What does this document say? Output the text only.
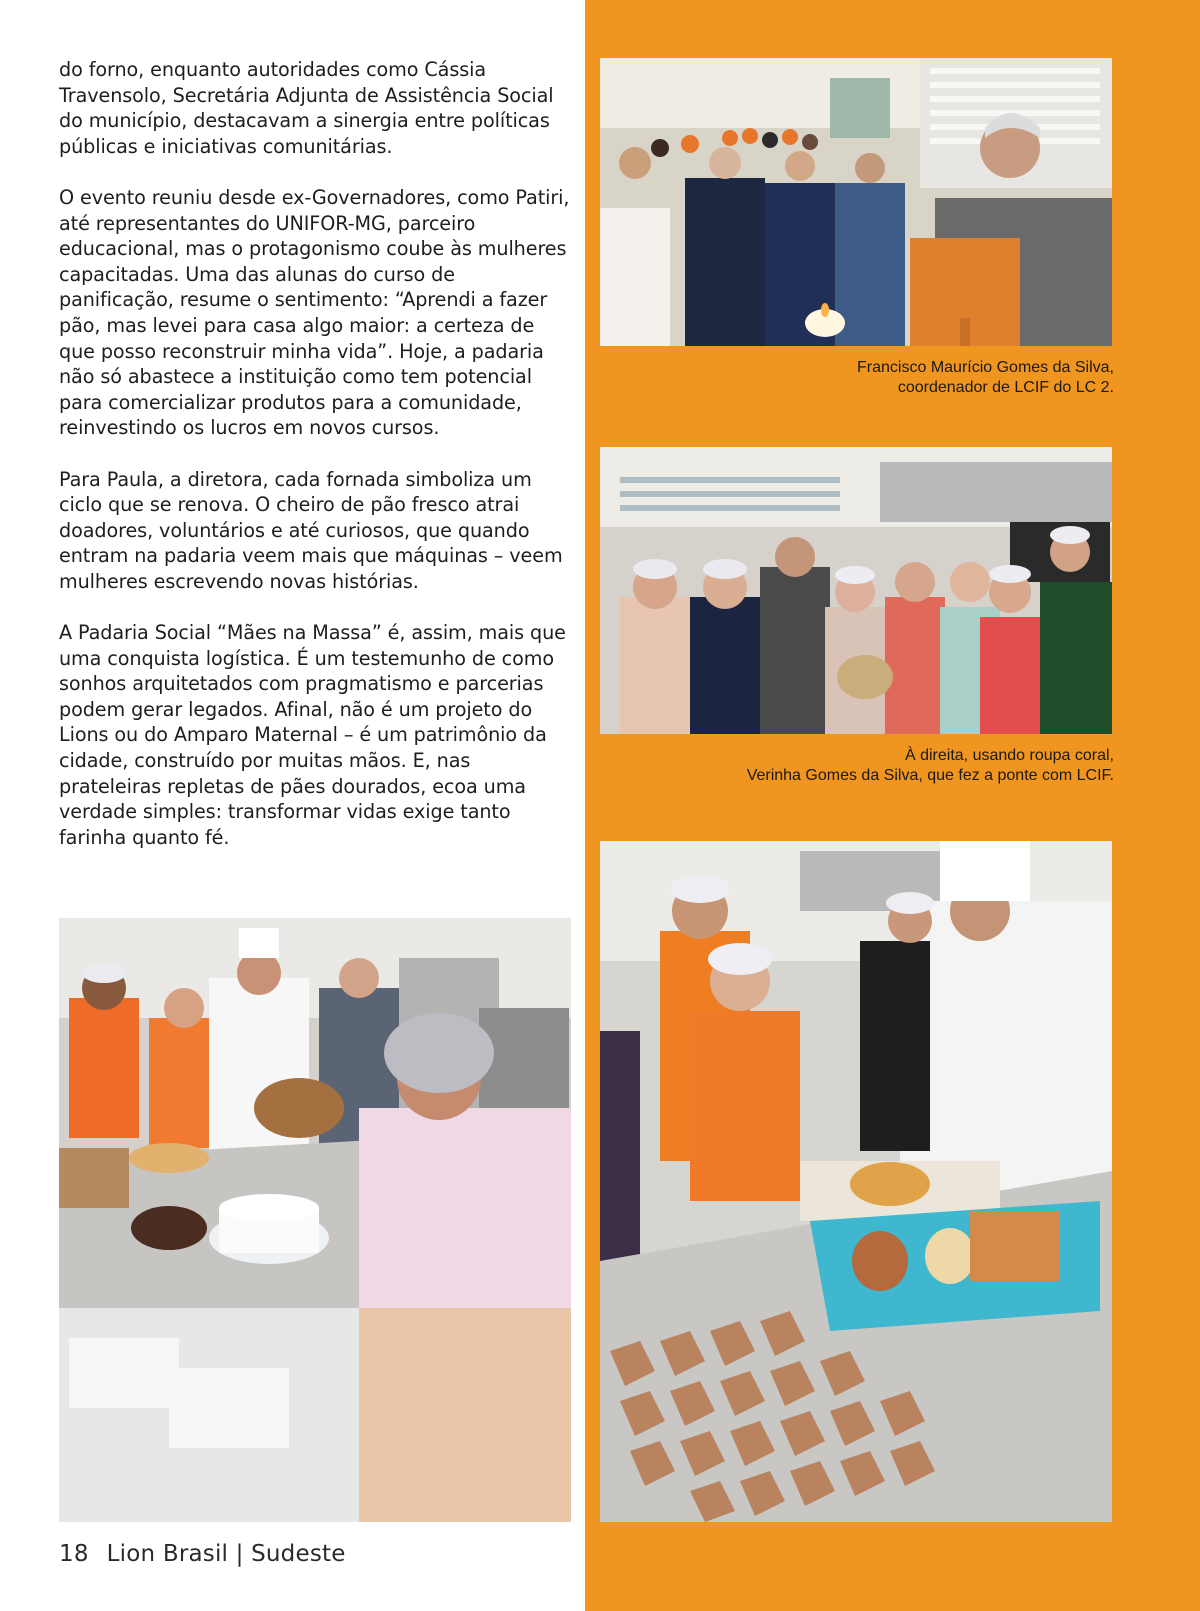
do forno, enquanto autoridades como Cássia Travensolo, Secretária Adjunta de Assistência Social do município, destacavam a sinergia entre políticas públicas e iniciativas comunitárias.

O evento reuniu desde ex-Governadores, como Patiri, até representantes do UNIFOR-MG, parceiro educacional, mas o protagonismo coube às mulheres capacitadas. Uma das alunas do curso de panificação, resume o sentimento: “Aprendi a fazer pão, mas levei para casa algo maior: a certeza de que posso reconstruir minha vida”. Hoje, a padaria não só abastece a instituição como tem potencial para comercializar produtos para a comunidade, reinvestindo os lucros em novos cursos.

Para Paula, a diretora, cada fornada simboliza um ciclo que se renova. O cheiro de pão fresco atrai doadores, voluntários e até curiosos, que quando entram na padaria veem mais que máquinas – veem mulheres escrevendo novas histórias.

A Padaria Social “Mães na Massa” é, assim, mais que uma conquista logística. É um testemunho de como sonhos arquitetados com pragmatismo e parcerias podem gerar legados. Afinal, não é um projeto do Lions ou do Amparo Maternal – é um patrimônio da cidade, construído por muitas mãos. E, nas prateleiras repletas de pães dourados, ecoa uma verdade simples: transformar vidas exige tanto farinha quanto fé.

Francisco Maurício Gomes da Silva,
coordenador de LCIF do LC 2.
À direita, usando roupa coral,
Verinha Gomes da Silva, que fez a ponte com LCIF.
18 Lion Brasil | Sudeste
